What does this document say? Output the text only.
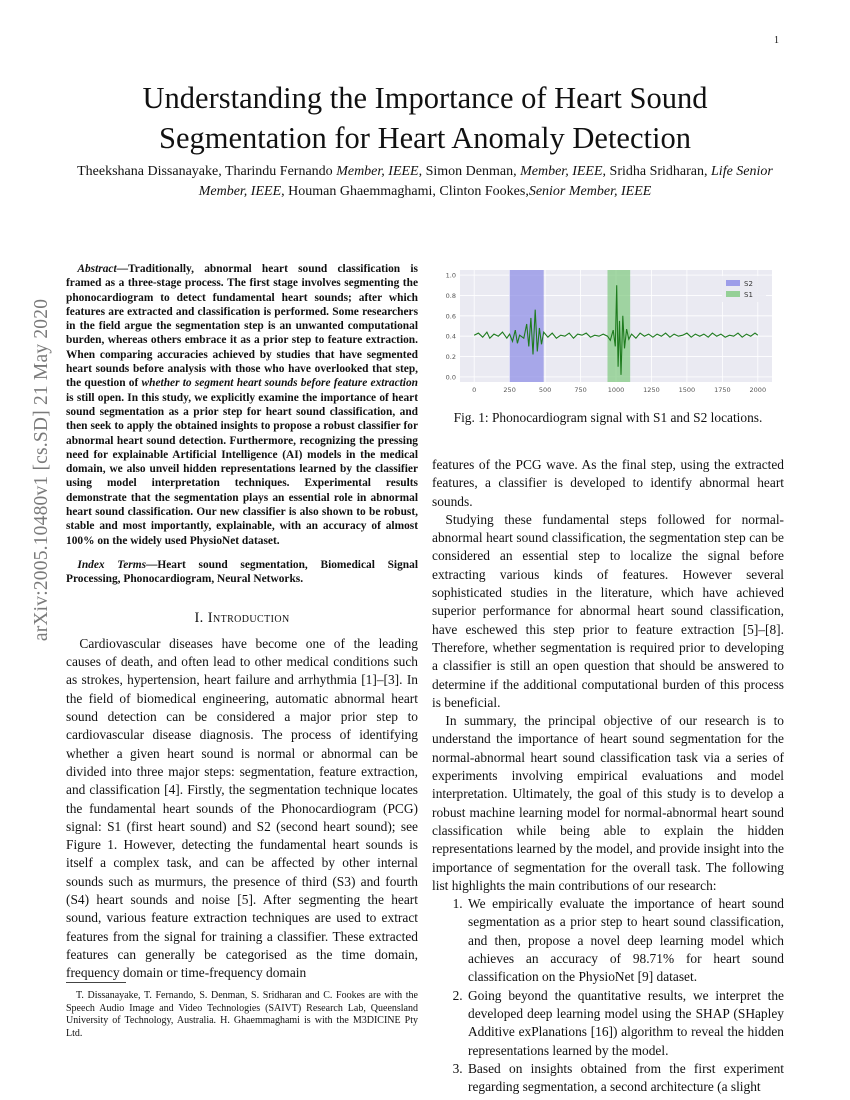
1
arXiv:2005.10480v1 [cs.SD] 21 May 2020
Understanding the Importance of Heart Sound Segmentation for Heart Anomaly Detection
Theekshana Dissanayake, Tharindu Fernando Member, IEEE, Simon Denman, Member, IEEE, Sridha Sridharan, Life Senior Member, IEEE, Houman Ghaemmaghami, Clinton Fookes,Senior Member, IEEE

Abstract—Traditionally, abnormal heart sound classification is framed as a three-stage process. The first stage involves segmenting the phonocardiogram to detect fundamental heart sounds; after which features are extracted and classification is performed. Some researchers in the field argue the segmentation step is an unwanted computational burden, whereas others embrace it as a prior step to feature extraction. When comparing accuracies achieved by studies that have segmented heart sounds before analysis with those who have overlooked that step, the question of whether to segment heart sounds before feature extraction is still open. In this study, we explicitly examine the importance of heart sound segmentation as a prior step for heart sound classification, and then seek to apply the obtained insights to propose a robust classifier for abnormal heart sound detection. Furthermore, recognizing the pressing need for explainable Artificial Intelligence (AI) models in the medical domain, we also unveil hidden representations learned by the classifier using model interpretation techniques. Experimental results demonstrate that the segmentation plays an essential role in abnormal heart sound classification. Our new classifier is also shown to be robust, stable and most importantly, explainable, with an accuracy of almost 100% on the widely used PhysioNet dataset.

Index Terms—Heart sound segmentation, Biomedical Signal Processing, Phonocardiogram, Neural Networks.

I. Introduction

Cardiovascular diseases have become one of the leading causes of death, and often lead to other medical conditions such as strokes, hypertension, heart failure and arrhythmia [1]–[3]. In the field of biomedical engineering, automatic abnormal heart sound detection can be considered a major prior step to cardiovascular disease diagnosis. The process of identifying whether a given heart sound is normal or abnormal can be divided into three major steps: segmentation, feature extraction, and classification [4]. Firstly, the segmentation technique locates the fundamental heart sounds of the Phonocardiogram (PCG) signal: S1 (first heart sound) and S2 (second heart sound); see Figure 1. However, detecting the fundamental heart sounds is itself a complex task, and can be affected by other internal sounds such as murmurs, the presence of third (S3) and fourth (S4) heart sounds and noise [5]. After segmenting the heart sound, various feature extraction techniques are used to extract features from the signal for training a classifier. These extracted features can generally be categorised as the time domain, frequency domain or time-frequency domain

T. Dissanayake, T. Fernando, S. Denman, S. Sridharan and C. Fookes are with the Speech Audio Image and Video Technologies (SAIVT) Research Lab, Queensland University of Technology, Australia. H. Ghaemmaghami is with the M3DICINE Pty Ltd.
0.0
0.2
0.4
0.6
0.8
1.0
0	250	500	750	1000	1250	1500	1750	2000
S2
S1
Fig. 1: Phonocardiogram signal with S1 and S2 locations.

features of the PCG wave. As the final step, using the extracted features, a classifier is developed to identify abnormal heart sounds.

Studying these fundamental steps followed for normal-abnormal heart sound classification, the segmentation step can be considered an essential step to localize the signal before extracting various kinds of features. However several sophisticated studies in the literature, which have achieved superior performance for abnormal heart sound classification, have eschewed this step prior to feature extraction [5]–[8]. Therefore, whether segmentation is required prior to developing a classifier is still an open question that should be answered to determine if the additional computational burden of this process is beneficial.

In summary, the principal objective of our research is to understand the importance of heart sound segmentation for the normal-abnormal heart sound classification task via a series of experiments involving empirical evaluations and model interpretation. Ultimately, the goal of this study is to develop a robust machine learning model for normal-abnormal heart sound classification while being able to explain the hidden representations learned by the model, and provide insight into the importance of segmentation for the overall task. The following list highlights the main contributions of our research:

1. We empirically evaluate the importance of heart sound segmentation as a prior step to heart sound classification, and then, propose a novel deep learning model which achieves an accuracy of 98.71% for heart sound classification on the PhysioNet [9] dataset.
2. Going beyond the quantitative results, we interpret the developed deep learning model using the SHAP (SHapley Additive exPlanations [16]) algorithm to reveal the hidden representations learned by the model.
3. Based on insights obtained from the first experiment regarding segmentation, a second architecture (a slight
